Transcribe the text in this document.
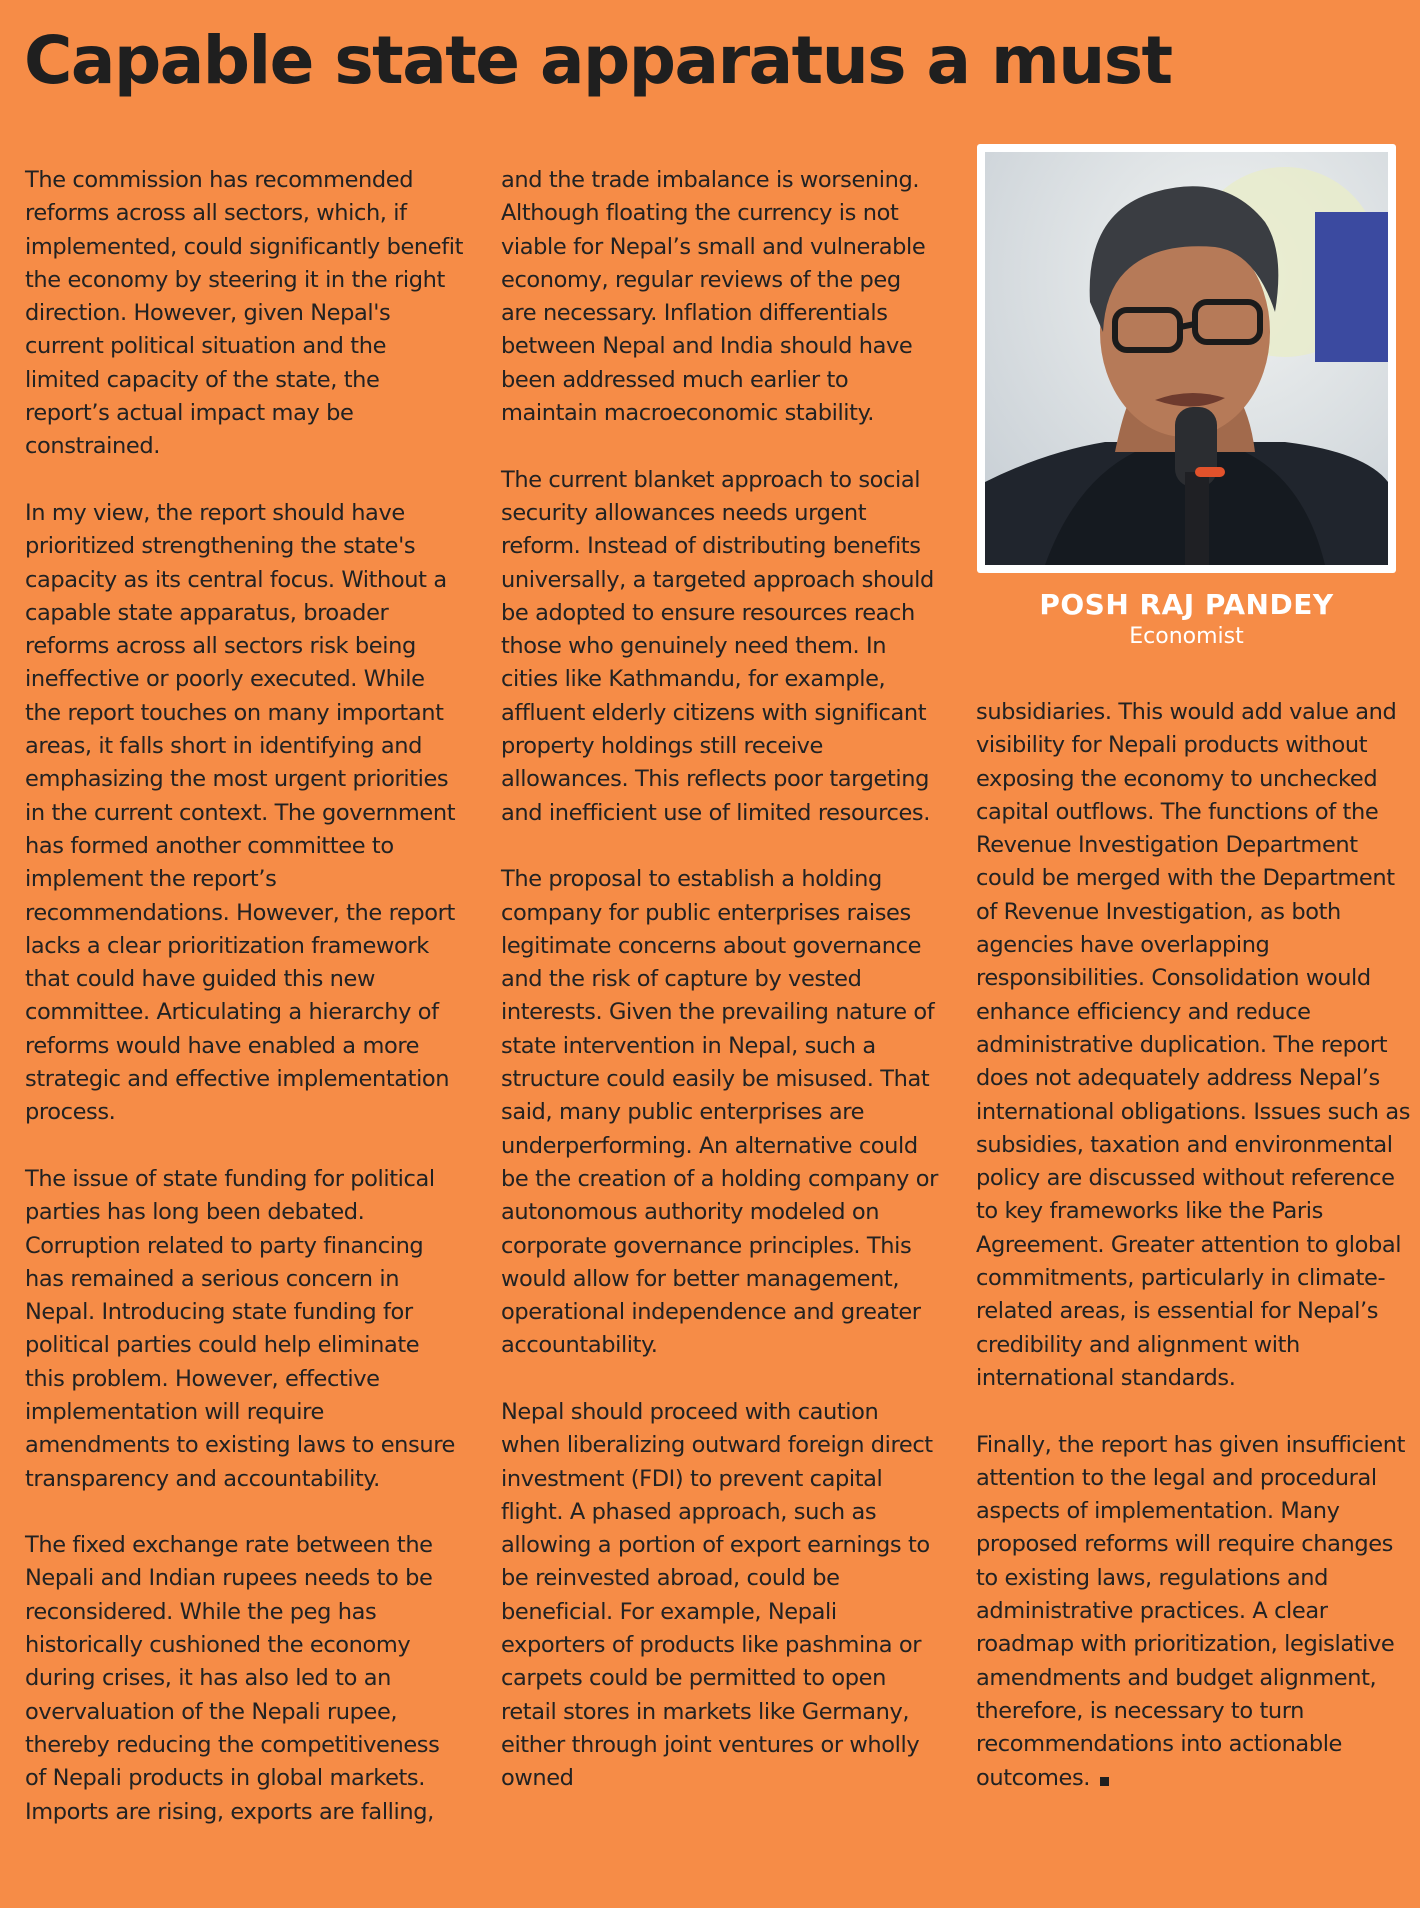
Capable state apparatus a must

The commission has recommended reforms across all sectors, which, if implemented, could significantly benefit the economy by steering it in the right direction. However, given Nepal's current political situation and the limited capacity of the state, the report’s actual impact may be constrained.

In my view, the report should have prioritized strengthening the state's capacity as its central focus. Without a capable state apparatus, broader reforms across all sectors risk being ineffective or poorly executed. While the report touches on many important areas, it falls short in identifying and emphasizing the most urgent priorities in the current context. The government has formed another committee to implement the report’s recommendations. However, the report lacks a clear prioritization framework that could have guided this new committee. Articulating a hierarchy of reforms would have enabled a more strategic and effective implementation process.

The issue of state funding for political parties has long been debated. Corruption related to party financing has remained a serious concern in Nepal. Introducing state funding for political parties could help eliminate this problem. However, effective implementation will require amendments to existing laws to ensure transparency and accountability.

The fixed exchange rate between the Nepali and Indian rupees needs to be reconsidered. While the peg has historically cushioned the economy during crises, it has also led to an overvaluation of the Nepali rupee, thereby reducing the competitiveness of Nepali products in global markets. Imports are rising, exports are falling,

and the trade imbalance is worsening. Although floating the currency is not viable for Nepal’s small and vulnerable economy, regular reviews of the peg are necessary. Inflation differentials between Nepal and India should have been addressed much earlier to maintain macroeconomic stability.

The current blanket approach to social security allowances needs urgent reform. Instead of distributing benefits universally, a targeted approach should be adopted to ensure resources reach those who genuinely need them. In cities like Kathmandu, for example, affluent elderly citizens with significant property holdings still receive allowances. This reflects poor targeting and inefficient use of limited resources.

The proposal to establish a holding company for public enterprises raises legitimate concerns about governance and the risk of capture by vested interests. Given the prevailing nature of state intervention in Nepal, such a structure could easily be misused. That said, many public enterprises are underperforming. An alternative could be the creation of a holding company or autonomous authority modeled on corporate governance principles. This would allow for better management, operational independence and greater accountability.

Nepal should proceed with caution when liberalizing outward foreign direct investment (FDI) to prevent capital flight. A phased approach, such as allowing a portion of export earnings to be reinvested abroad, could be beneficial. For example, Nepali exporters of products like pashmina or carpets could be permitted to open retail stores in markets like Germany, either through joint ventures or wholly owned

POSH RAJ PANDEY
Economist

subsidiaries. This would add value and visibility for Nepali products without exposing the economy to unchecked capital outflows. The functions of the Revenue Investigation Department could be merged with the Department of Revenue Investigation, as both agencies have overlapping responsibilities. Consolidation would enhance efficiency and reduce administrative duplication. The report does not adequately address Nepal’s international obligations. Issues such as subsidies, taxation and environmental policy are discussed without reference to key frameworks like the Paris Agreement. Greater attention to global commitments, particularly in climate-related areas, is essential for Nepal’s credibility and alignment with international standards.

Finally, the report has given insufficient attention to the legal and procedural aspects of implementation. Many proposed reforms will require changes to existing laws, regulations and administrative practices. A clear roadmap with prioritization, legislative amendments and budget alignment, therefore, is necessary to turn recommendations into actionable outcomes.
